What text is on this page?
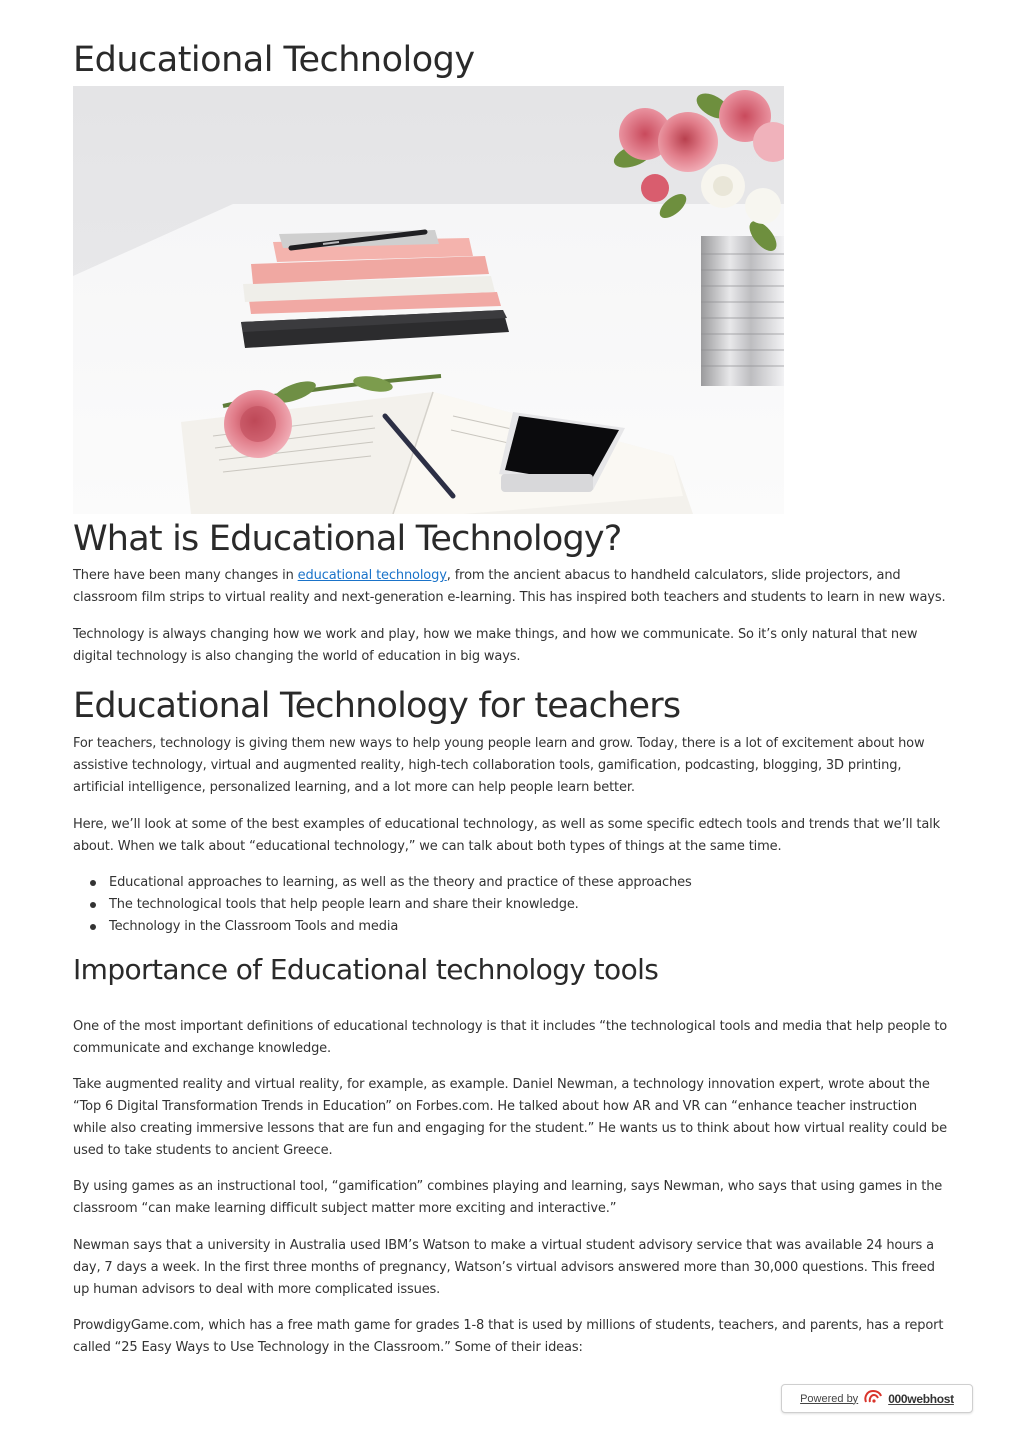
Educational Technology
What is Educational Technology?

There have been many changes in educational technology, from the ancient abacus to handheld calculators, slide projectors, and classroom film strips to virtual reality and next-generation e-learning. This has inspired both teachers and students to learn in new ways.

Technology is always changing how we work and play, how we make things, and how we communicate. So it’s only natural that new digital technology is also changing the world of education in big ways.

Educational Technology for teachers

For teachers, technology is giving them new ways to help young people learn and grow. Today, there is a lot of excitement about how assistive technology, virtual and augmented reality, high-tech collaboration tools, gamification, podcasting, blogging, 3D printing, artificial intelligence, personalized learning, and a lot more can help people learn better.

Here, we’ll look at some of the best examples of educational technology, as well as some specific edtech tools and trends that we’ll talk about. When we talk about “educational technology,” we can talk about both types of things at the same time.

Educational approaches to learning, as well as the theory and practice of these approaches
The technological tools that help people learn and share their knowledge.
Technology in the Classroom Tools and media
Importance of Educational technology tools

One of the most important definitions of educational technology is that it includes “the technological tools and media that help people to communicate and exchange knowledge.

Take augmented reality and virtual reality, for example, as example. Daniel Newman, a technology innovation expert, wrote about the “Top 6 Digital Transformation Trends in Education” on Forbes.com. He talked about how AR and VR can “enhance teacher instruction while also creating immersive lessons that are fun and engaging for the student.” He wants us to think about how virtual reality could be used to take students to ancient Greece.

By using games as an instructional tool, “gamification” combines playing and learning, says Newman, who says that using games in the classroom “can make learning difficult subject matter more exciting and interactive.”

Newman says that a university in Australia used IBM’s Watson to make a virtual student advisory service that was available 24 hours a day, 7 days a week. In the first three months of pregnancy, Watson’s virtual advisors answered more than 30,000 questions. This freed up human advisors to deal with more complicated issues.

ProwdigyGame.com, which has a free math game for grades 1-8 that is used by millions of students, teachers, and parents, has a report called “25 Easy Ways to Use Technology in the Classroom.” Some of their ideas:

Powered by	000webhost
